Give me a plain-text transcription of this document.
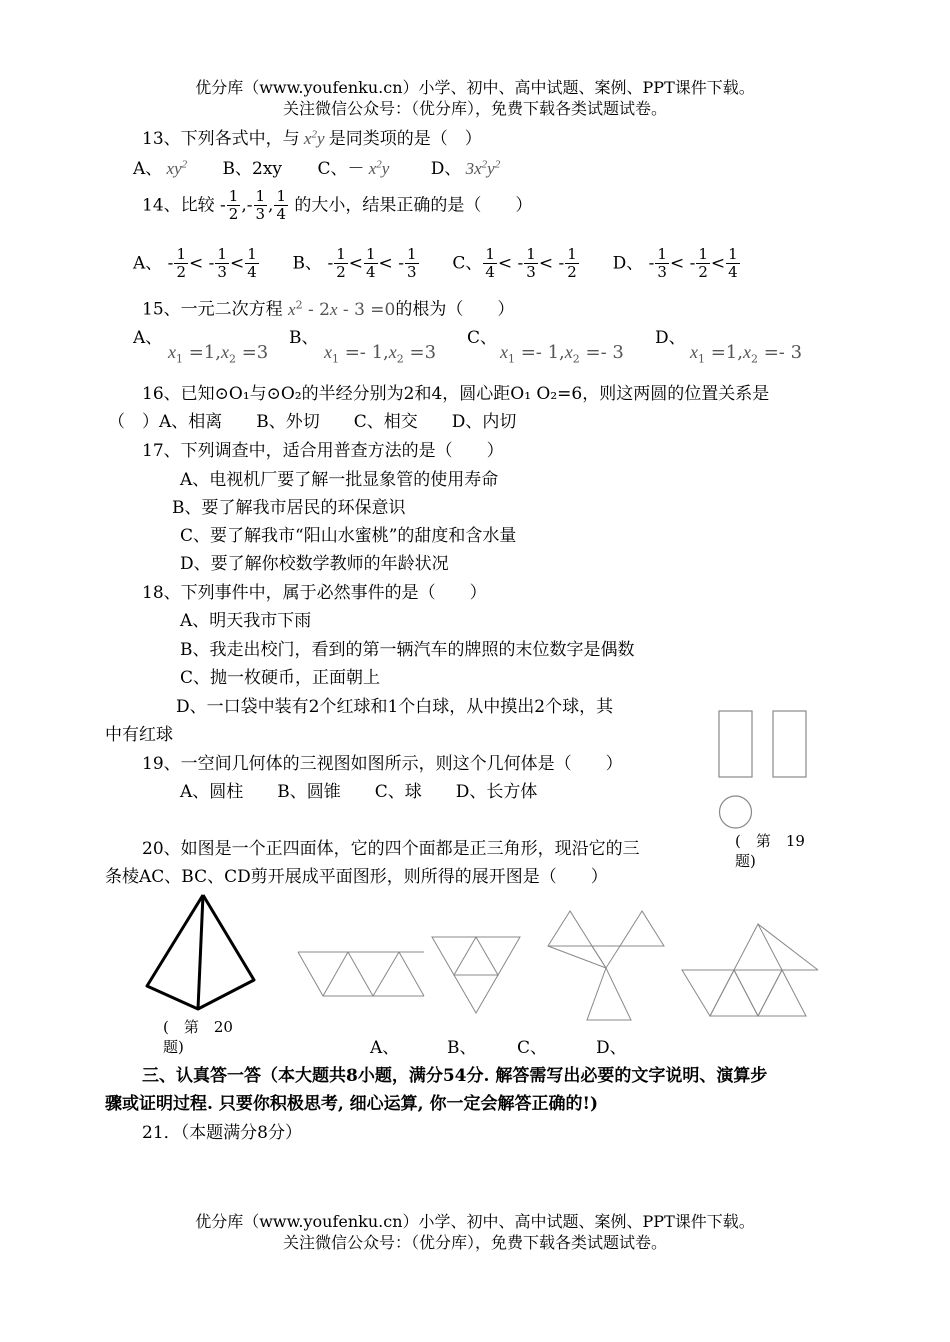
优分库（www.youfenku.cn）小学、初中、高中试题、案例、PPT课件下载。
关注微信公众号：（优分库），免费下载各类试题试卷。
13、下列各式中，与 $x^2y$ 是同类项的是（　）
A、 $xy^2$ B、2xy C、－ $x^2y$ D、 $3x^2y^2$
14、比较 - $\frac{1}{2}$ ,- $\frac{1}{3}$ , $\frac{1}{4}$ 的大小，结果正确的是（　　）
A、 - $\frac{1}{2}$ < - $\frac{1}{3} < \frac{1}{4}$ B、 - $\frac{1}{2} < \frac{1}{4}$ < - $\frac{1}{3}$ C、 $\frac{1}{4}$ < - $\frac{1}{3}$ < - $\frac{1}{2}$ D、 - $\frac{1}{3}$ < - $\frac{1}{2} < \frac{1}{4}$
15、一元二次方程 $x^2 - 2x - 3 =0$的根为（　　）
A、	B、	C、	D、
$x_1 =1,x_2 =3$	$x_1 =- 1,x_2 =3$	$x_1 =- 1,x_2 =- 3$	$x_1 =1,x_2 =- 3$
16、已知⊙O₁与⊙O₂的半经分别为2和4，圆心距O₁ O₂=6，则这两圆的位置关系是
（　）A、相离　　B、外切　　C、相交　　D、内切
17、下列调查中，适合用普查方法的是（　　）
A、电视机厂要了解一批显象管的使用寿命
B、要了解我市居民的环保意识
C、要了解我市“阳山水蜜桃”的甜度和含水量
D、要了解你校数学教师的年龄状况
18、下列事件中，属于必然事件的是（　　）
A、明天我市下雨
B、我走出校门，看到的第一辆汽车的牌照的末位数字是偶数
C、抛一枚硬币，正面朝上
D、一口袋中装有2个红球和1个白球，从中摸出2个球，其
中有红球
19、一空间几何体的三视图如图所示，则这个几何体是（　　）
A、圆柱　　B、圆锥　　C、球　　D、长方体
(　第　19
题)
20、如图是一个正四面体，它的四个面都是正三角形，现沿它的三
条棱AC、BC、CD剪开展成平面图形，则所得的展开图是（　　）
(　第　20
题)	A、	B、 C、	D、
三、认真答一答（本大题共8小题，满分54分. 解答需写出必要的文字说明、演算步
骤或证明过程. 只要你积极思考, 细心运算, 你一定会解答正确的!)
21．（本题满分8分）
优分库（www.youfenku.cn）小学、初中、高中试题、案例、PPT课件下载。
关注微信公众号：（优分库），免费下载各类试题试卷。
